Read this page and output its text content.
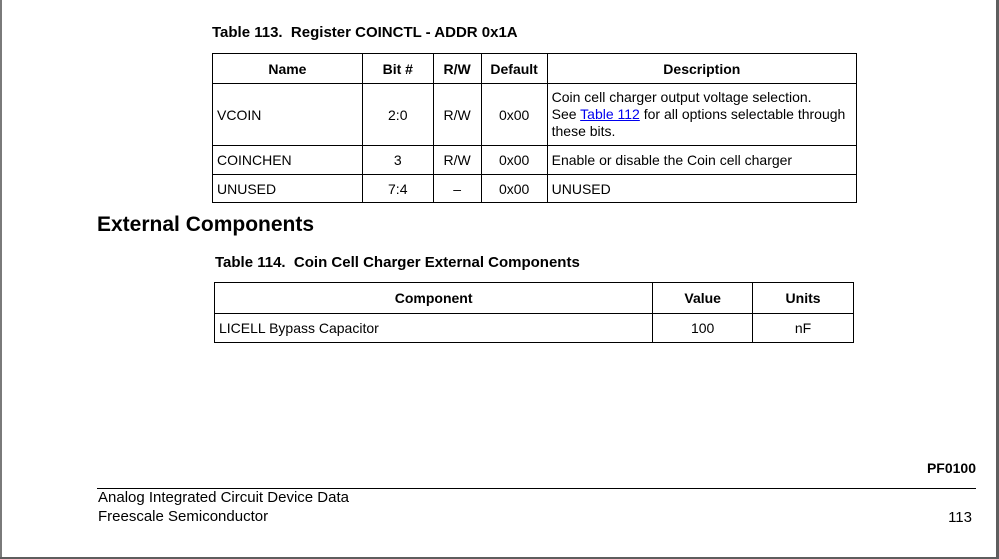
Table 113.  Register COINCTL - ADDR 0x1A
Name	Bit #	R/W	Default	Description
VCOIN	2:0	R/W	0x00	Coin cell charger output voltage selection.
See Table 112 for all options selectable through these bits.
COINCHEN	3	R/W	0x00	Enable or disable the Coin cell charger
UNUSED	7:4	–	0x00	UNUSED
External Components
Table 114.  Coin Cell Charger External Components
Component	Value	Units
LICELL Bypass Capacitor	100	nF
PF0100
Analog Integrated Circuit Device Data
Freescale Semiconductor	113
